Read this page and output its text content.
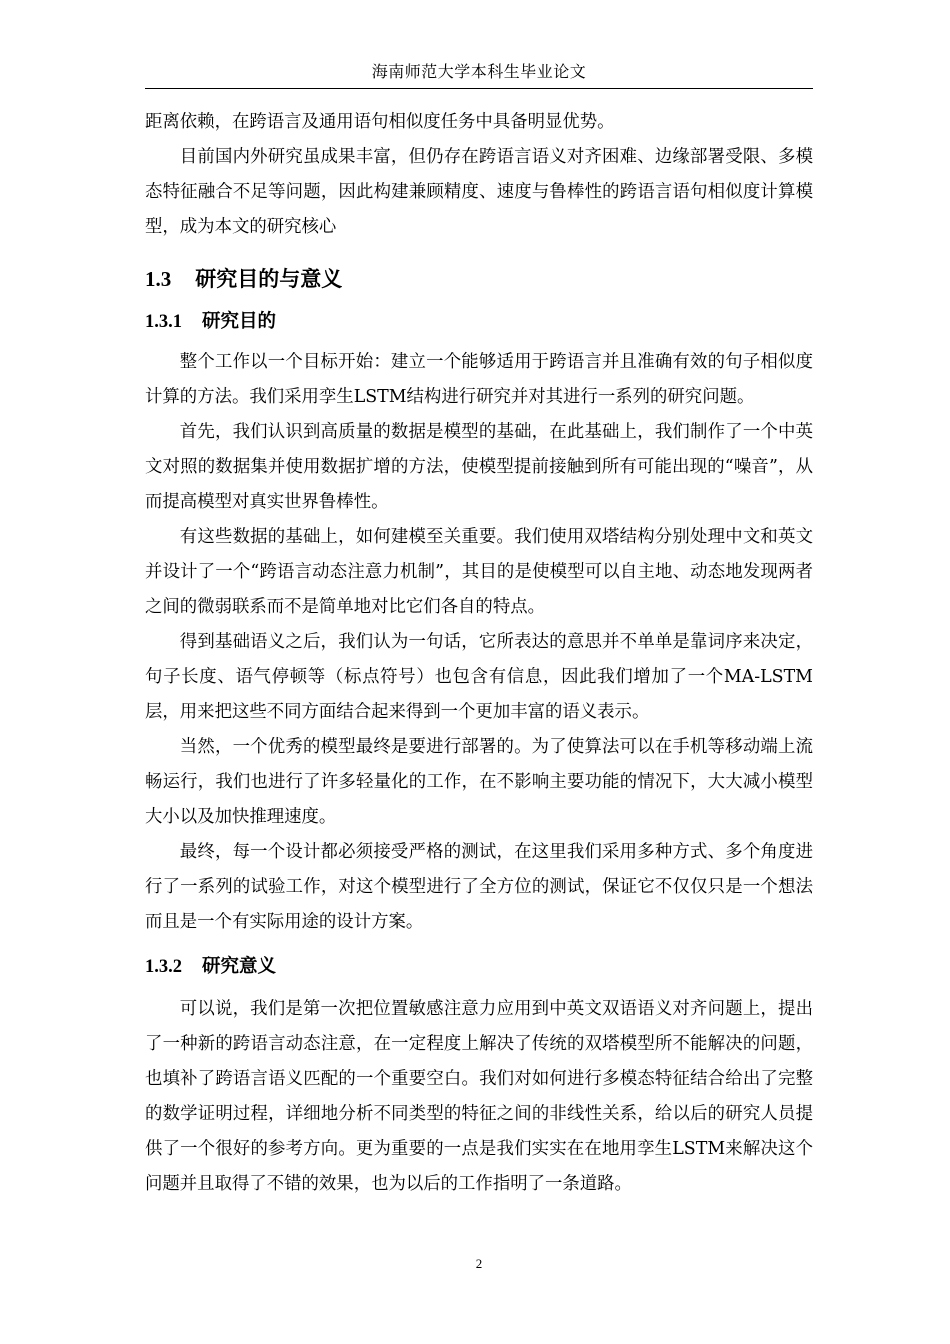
海南师范大学本科生毕业论文

距离依赖，在跨语言及通用语句相似度任务中具备明显优势。

目前国内外研究虽成果丰富，但仍存在跨语言语义对齐困难、边缘部署受限、多模态特征融合不足等问题，因此构建兼顾精度、速度与鲁棒性的跨语言语句相似度计算模型，成为本文的研究核心

1.3 研究目的与意义
1.3.1 研究目的

整个工作以一个目标开始：建立一个能够适用于跨语言并且准确有效的句子相似度计算的方法。我们采用孪生LSTM结构进行研究并对其进行一系列的研究问题。

首先，我们认识到高质量的数据是模型的基础，在此基础上，我们制作了一个中英文对照的数据集并使用数据扩增的方法，使模型提前接触到所有可能出现的“噪音”，从而提高模型对真实世界鲁棒性。

有这些数据的基础上，如何建模至关重要。我们使用双塔结构分别处理中文和英文并设计了一个“跨语言动态注意力机制”，其目的是使模型可以自主地、动态地发现两者之间的微弱联系而不是简单地对比它们各自的特点。

得到基础语义之后，我们认为一句话，它所表达的意思并不单单是靠词序来决定，句子长度、语气停顿等（标点符号）也包含有信息，因此我们增加了一个MA-LSTM层，用来把这些不同方面结合起来得到一个更加丰富的语义表示。

当然，一个优秀的模型最终是要进行部署的。为了使算法可以在手机等移动端上流畅运行，我们也进行了许多轻量化的工作，在不影响主要功能的情况下，大大减小模型大小以及加快推理速度。

最终，每一个设计都必须接受严格的测试，在这里我们采用多种方式、多个角度进行了一系列的试验工作，对这个模型进行了全方位的测试，保证它不仅仅只是一个想法而且是一个有实际用途的设计方案。

1.3.2 研究意义

可以说，我们是第一次把位置敏感注意力应用到中英文双语语义对齐问题上，提出了一种新的跨语言动态注意，在一定程度上解决了传统的双塔模型所不能解决的问题，也填补了跨语言语义匹配的一个重要空白。我们对如何进行多模态特征结合给出了完整的数学证明过程，详细地分析不同类型的特征之间的非线性关系，给以后的研究人员提供了一个很好的参考方向。更为重要的一点是我们实实在在地用孪生LSTM来解决这个问题并且取得了不错的效果，也为以后的工作指明了一条道路。

2
